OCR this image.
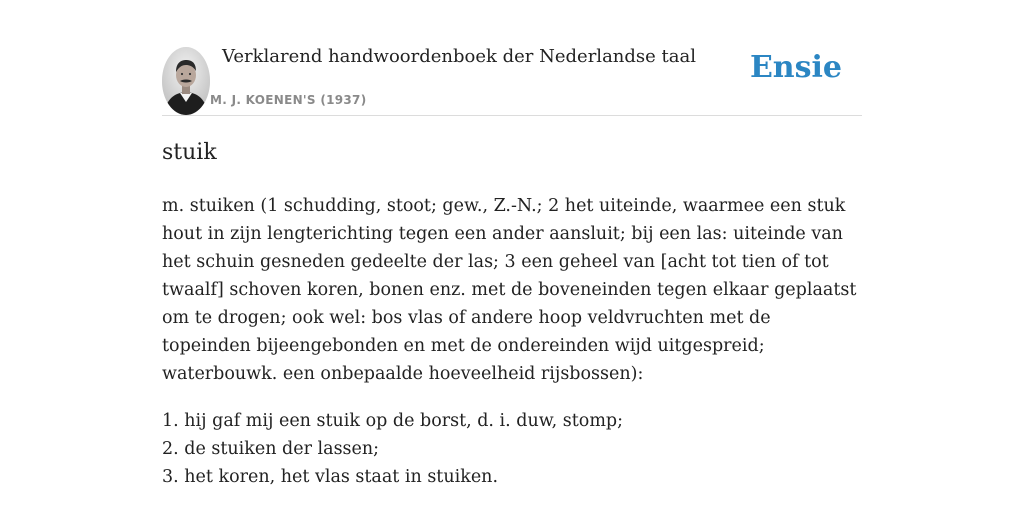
Verklarend handwoordenboek der Nederlandse taal
M. J. KOENEN'S (1937)
Ensie
stuik

m. stuiken (1 schudding, stoot; gew., Z.-N.; 2 het uiteinde, waarmee een stuk hout in zijn lengterichting tegen een ander aansluit; bij een las: uiteinde van het schuin gesneden gedeelte der las; 3 een geheel van [acht tot tien of tot twaalf] schoven koren, bonen enz. met de boveneinden tegen elkaar geplaatst om te drogen; ook wel: bos vlas of andere hoop veldvruchten met de topeinden bijeengebonden en met de ondereinden wijd uitgespreid; waterbouwk. een onbepaalde hoeveelheid rijsbossen):

1. hij gaf mij een stuik op de borst, d. i. duw, stomp;
2. de stuiken der lassen;
3. het koren, het vlas staat in stuiken.
